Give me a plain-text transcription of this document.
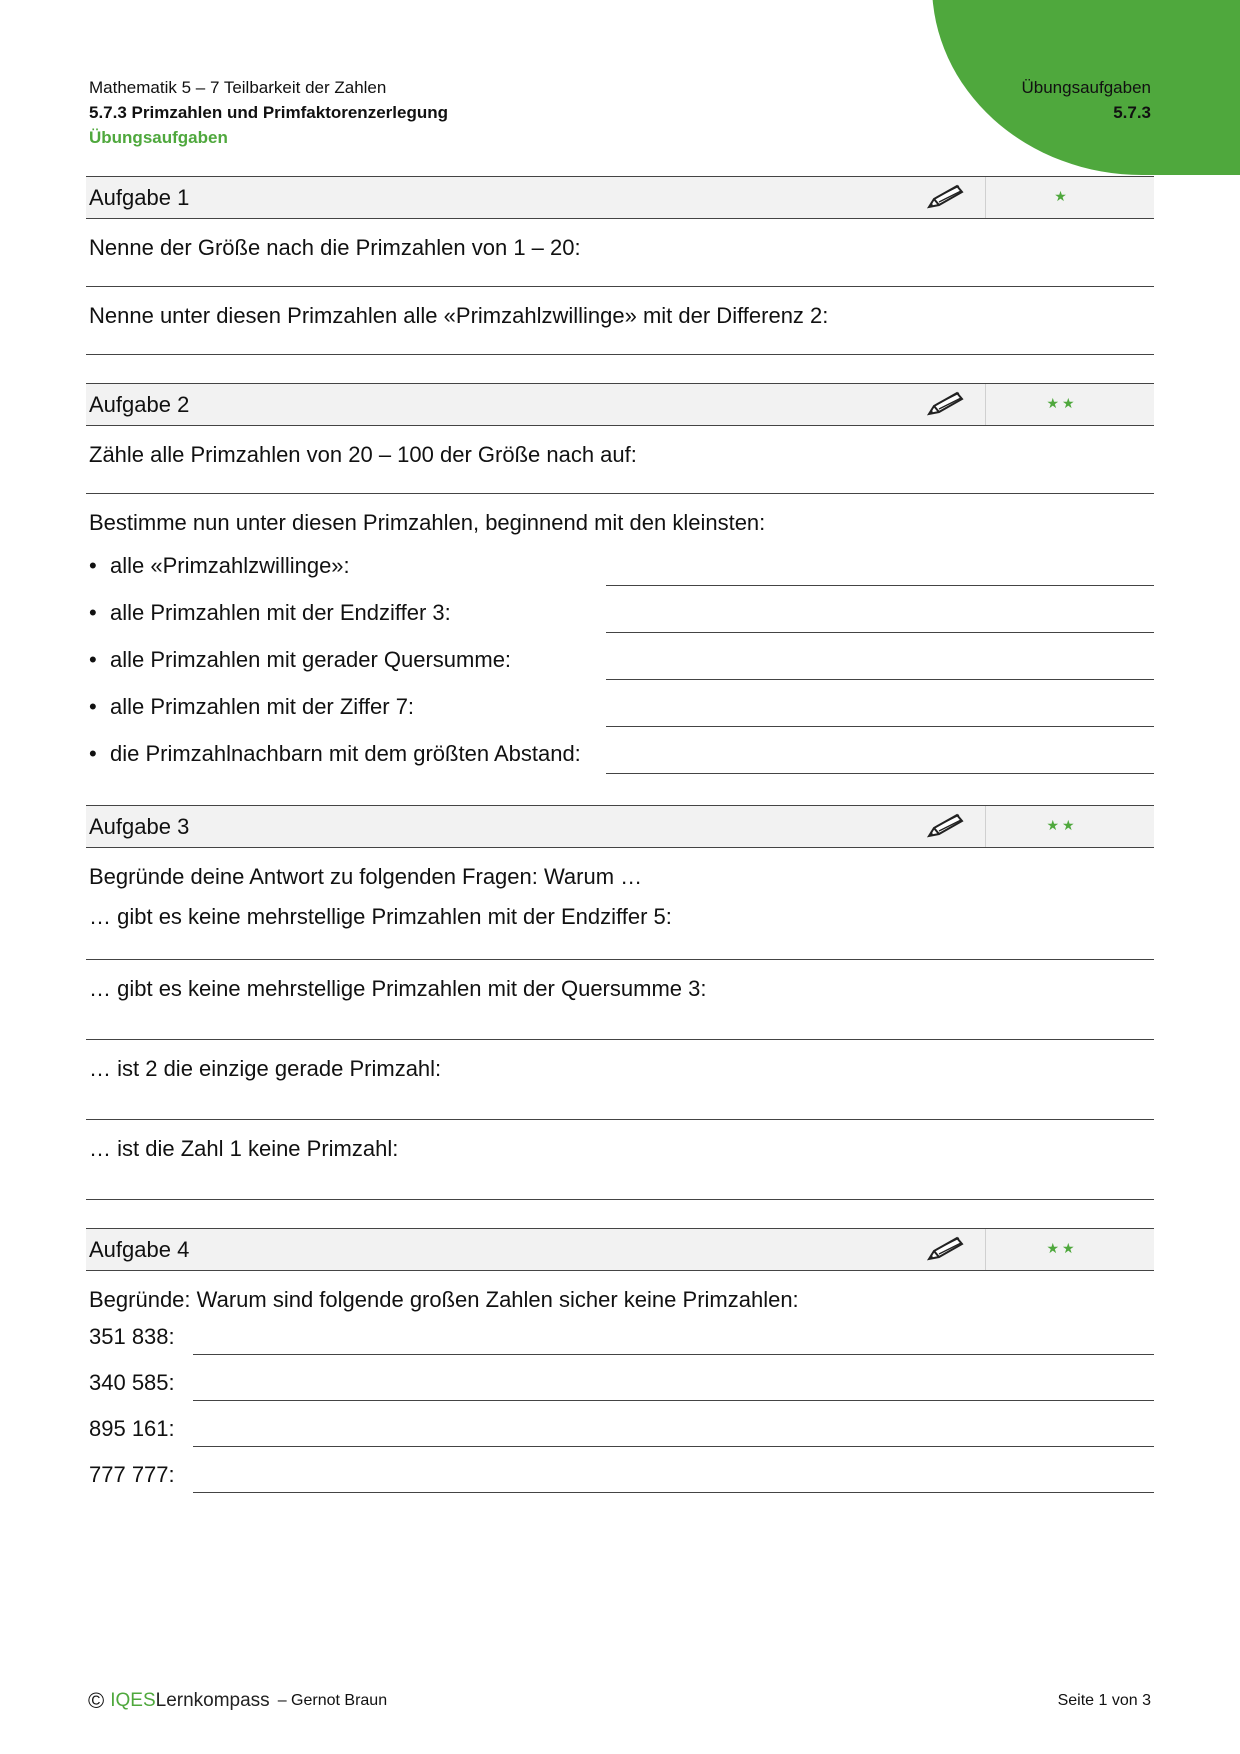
Mathematik 5 – 7 Teilbarkeit der Zahlen
5.7.3 Primzahlen und Primfaktorenzerlegung
Übungsaufgaben
Übungsaufgaben
5.7.3
Aufgabe 1	★
Nenne der Größe nach die Primzahlen von 1 – 20:
Nenne unter diesen Primzahlen alle «Primzahlzwillinge» mit der Differenz 2:
Aufgabe 2	★★
Zähle alle Primzahlen von 20 – 100 der Größe nach auf:
Bestimme nun unter diesen Primzahlen, beginnend mit den kleinsten:
• alle «Primzahlzwillinge»:
• alle Primzahlen mit der Endziffer 3:
• alle Primzahlen mit gerader Quersumme:
• alle Primzahlen mit der Ziffer 7:
• die Primzahlnachbarn mit dem größten Abstand:
Aufgabe 3	★★
Begründe deine Antwort zu folgenden Fragen: Warum …
… gibt es keine mehrstellige Primzahlen mit der Endziffer 5:
… gibt es keine mehrstellige Primzahlen mit der Quersumme 3:
… ist 2 die einzige gerade Primzahl:
… ist die Zahl 1 keine Primzahl:
Aufgabe 4	★★
Begründe: Warum sind folgende großen Zahlen sicher keine Primzahlen:
351 838:
340 585:
895 161:
777 777:
© IQES Lernkompass – Gernot Braun	Seite 1 von 3
